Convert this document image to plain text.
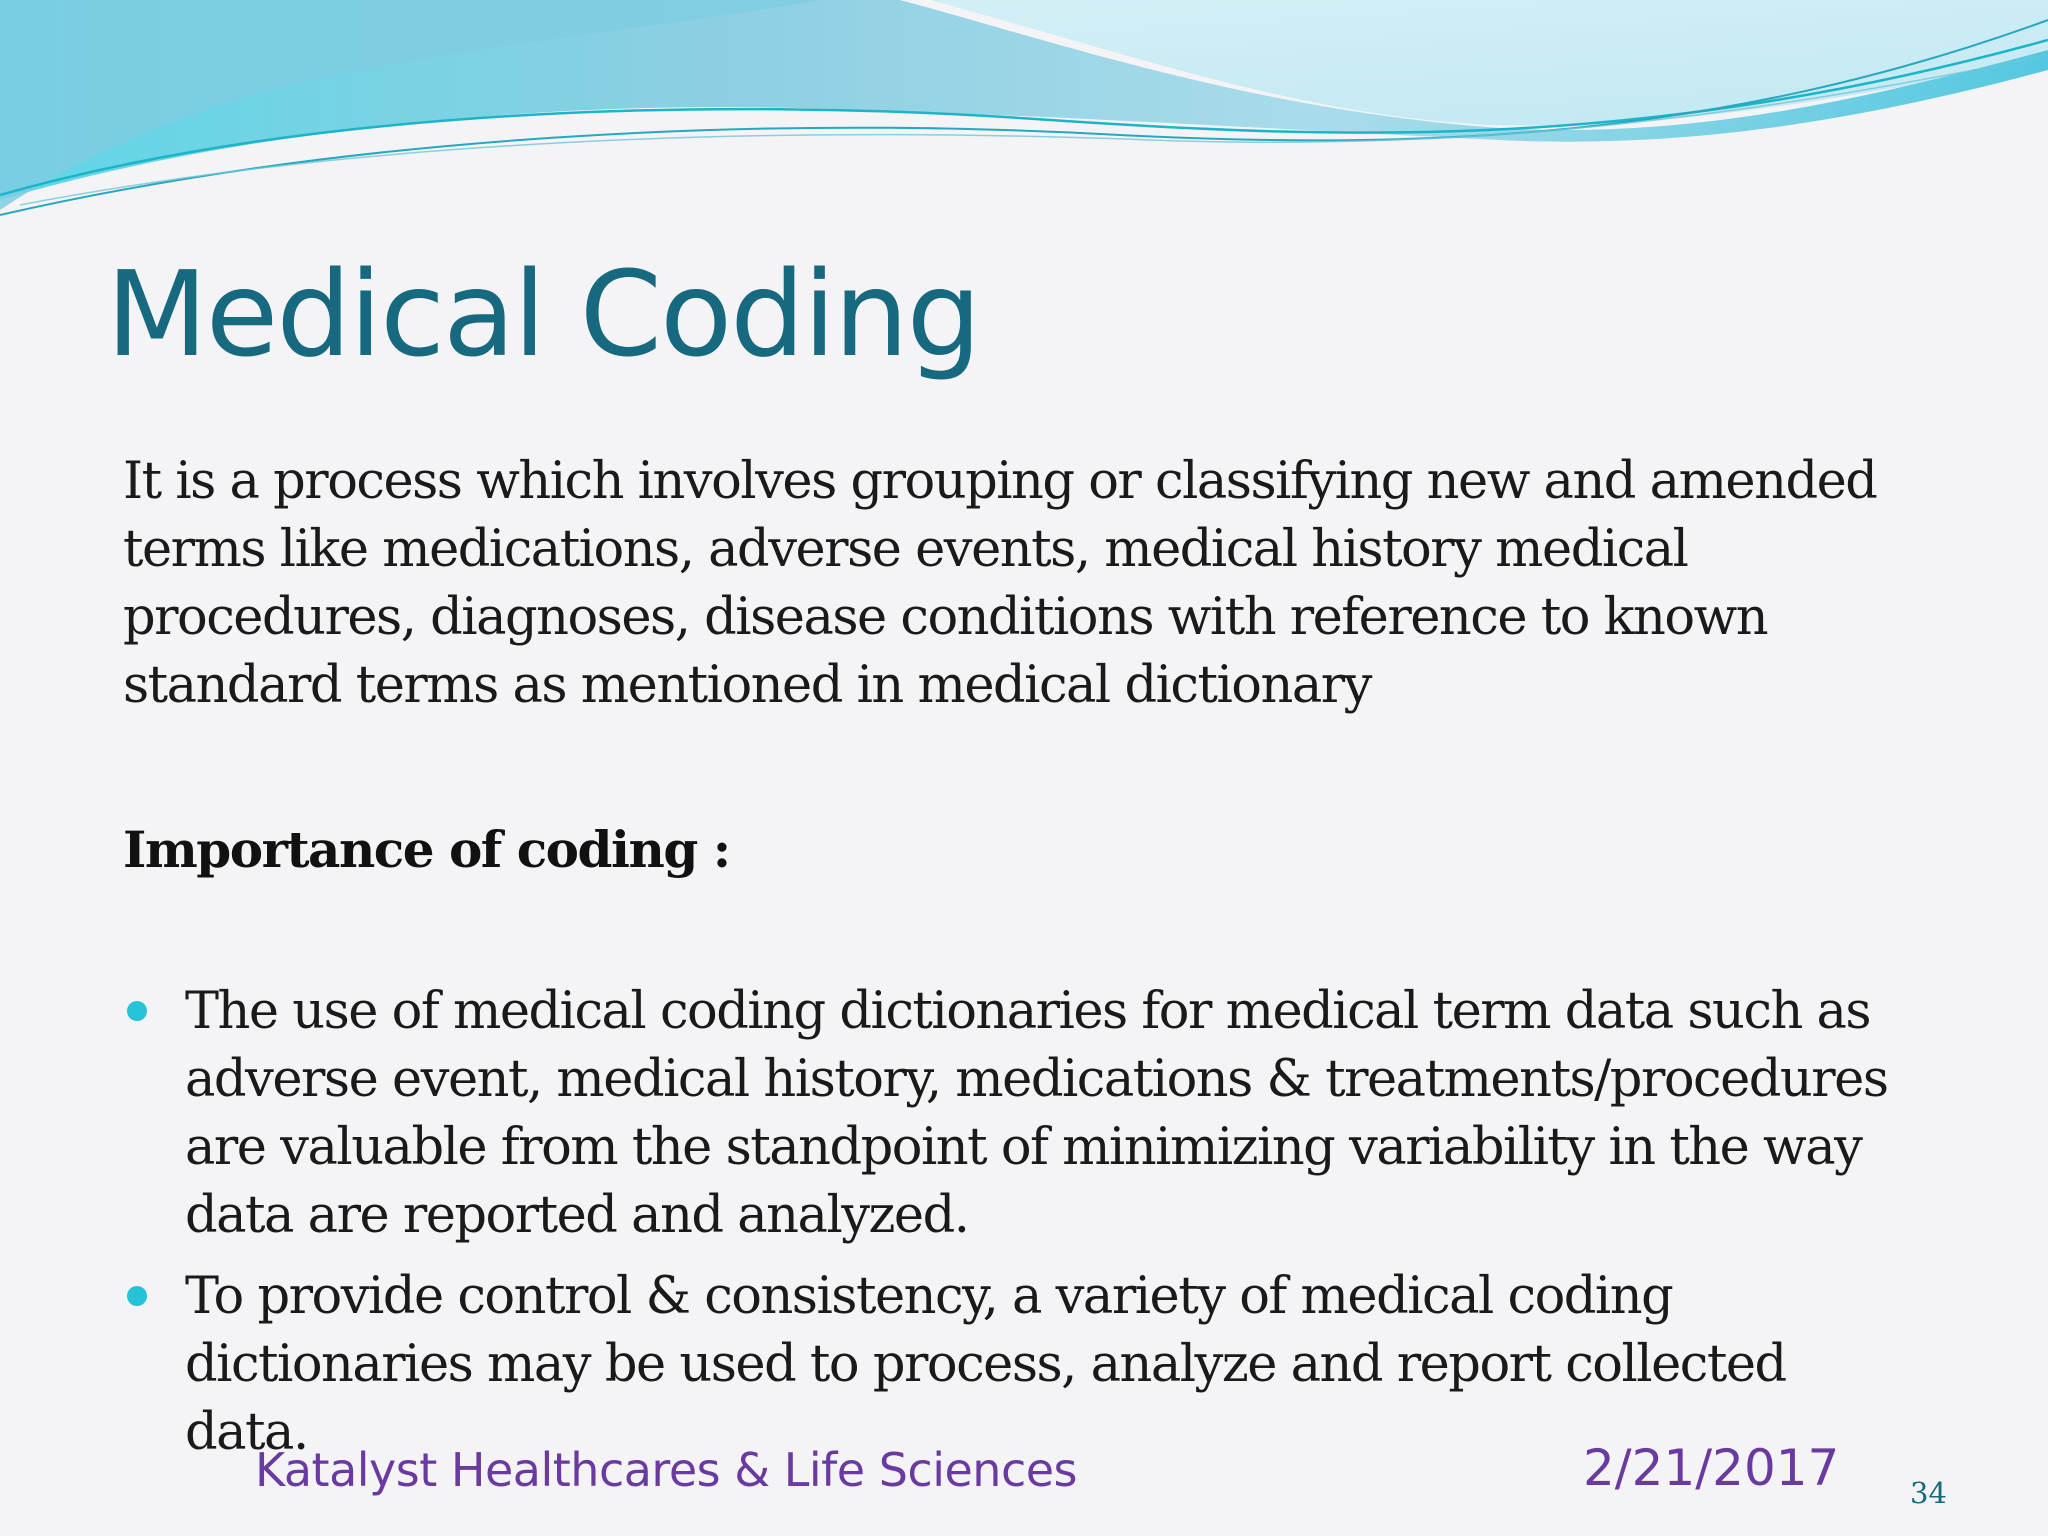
Medical Coding

It is a process which involves grouping or classifying new and amended terms like medications, adverse events, medical history medical procedures, diagnoses, disease conditions with reference to known standard terms as mentioned in medical dictionary

Importance of coding :

The use of medical coding dictionaries for medical term data such as adverse event, medical history, medications & treatments/procedures are valuable from the standpoint of minimizing variability in the way data are reported and analyzed.
To provide control & consistency, a variety of medical coding dictionaries may be used to process, analyze and report collected data.
Katalyst Healthcares & Life Sciences	2/21/2017 34
